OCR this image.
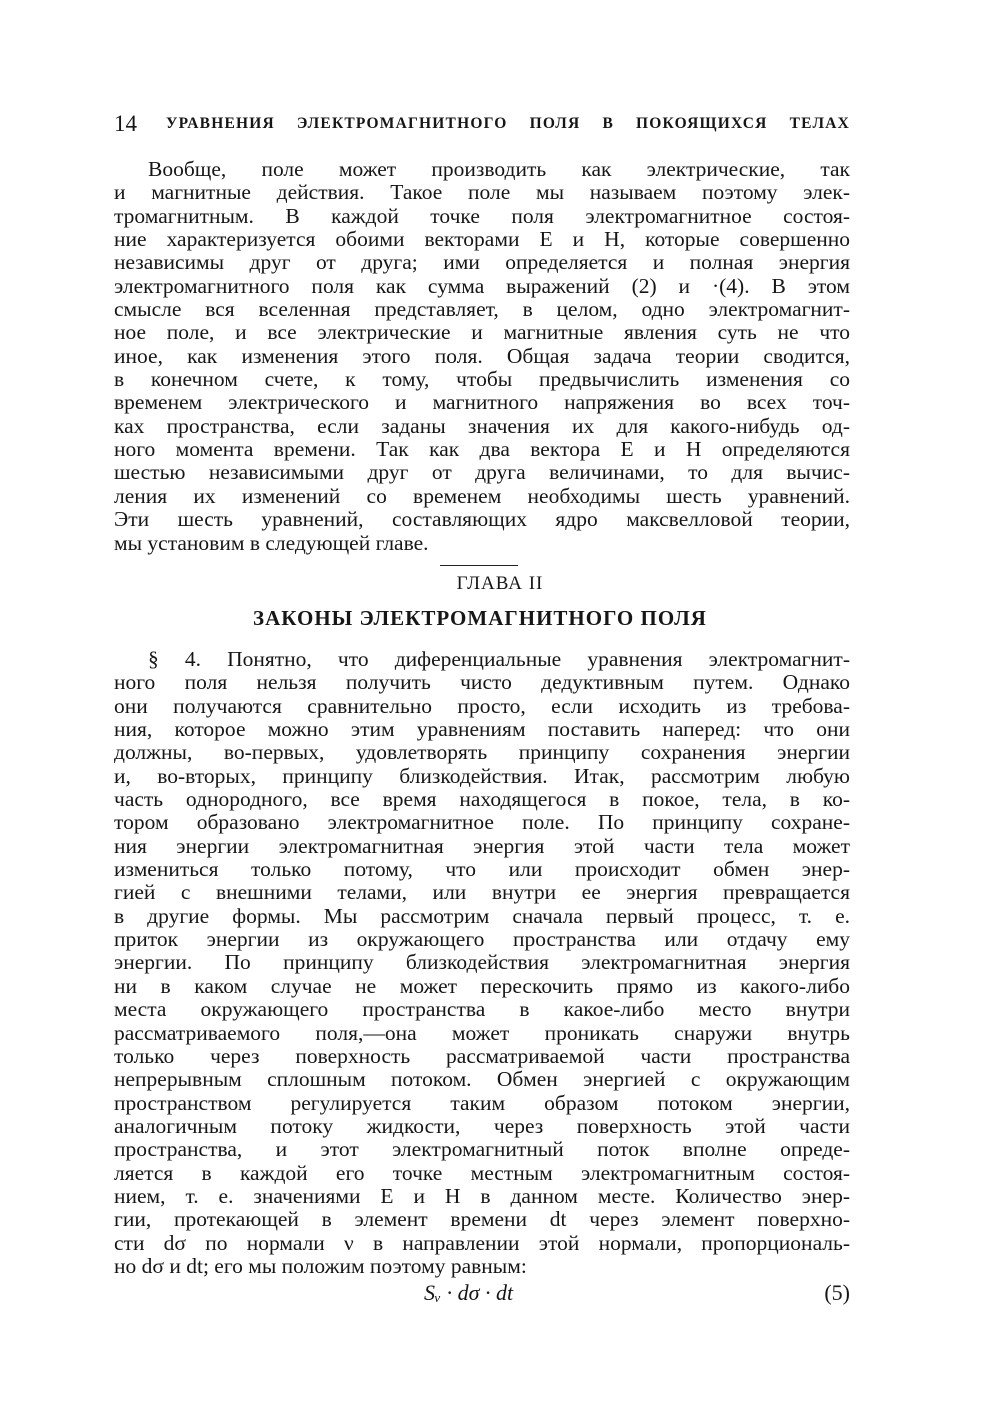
14 УРАВНЕНИЯ ЭЛЕКТРОМАГНИТНОГО ПОЛЯ В ПОКОЯЩИХСЯ ТЕЛАХ
Вообще, поле может производить как электрические, так
и магнитные действия. Такое поле мы называем поэтому элек-
тромагнитным. В каждой точке поля электромагнитное состоя-
ние характеризуется обоими векторами E и H, которые совершенно
независимы друг от друга; ими определяется и полная энергия
электромагнитного поля как сумма выражений (2) и ·(4). В этом
смысле вся вселенная представляет, в целом, одно электромагнит-
ное поле, и все электрические и магнитные явления суть не что
иное, как изменения этого поля. Общая задача теории сводится,
в конечном счете, к тому, чтобы предвычислить изменения со
временем электрического и магнитного напряжения во всех точ-
ках пространства, если заданы значения их для какого-нибудь од-
ного момента времени. Так как два вектора E и H определяются
шестью независимыми друг от друга величинами, то для вычис-
ления их изменений со временем необходимы шесть уравнений.
Эти шесть уравнений, составляющих ядро максвелловой теории,
мы установим в следующей главе.
ГЛАВА II
ЗАКОНЫ ЭЛЕКТРОМАГНИТНОГО ПОЛЯ
§ 4. Понятно, что диференциальные уравнения электромагнит-
ного поля нельзя получить чисто дедуктивным путем. Однако
они получаются сравнительно просто, если исходить из требова-
ния, которое можно этим уравнениям поставить наперед: что они
должны, во-первых, удовлетворять принципу сохранения энергии
и, во-вторых, принципу близкодействия. Итак, рассмотрим любую
часть однородного, все время находящегося в покое, тела, в ко-
тором образовано электромагнитное поле. По принципу сохране-
ния энергии электромагнитная энергия этой части тела может
измениться только потому, что или происходит обмен энер-
гией с внешними телами, или внутри ее энергия превращается
в другие формы. Мы рассмотрим сначала первый процесс, т. е.
приток энергии из окружающего пространства или отдачу ему
энергии. По принципу близкодействия электромагнитная энергия
ни в каком случае не может перескочить прямо из какого-либо
места окружающего пространства в какое-либо место внутри
рассматриваемого поля,—она может проникать снаружи внутрь
только через поверхность рассматриваемой части пространства
непрерывным сплошным потоком. Обмен энергией с окружающим
пространством регулируется таким образом потоком энергии,
аналогичным потоку жидкости, через поверхность этой части
пространства, и этот электромагнитный поток вполне опреде-
ляется в каждой его точке местным электромагнитным состоя-
нием, т. е. значениями E и H в данном месте. Количество энер-
гии, протекающей в элемент времени dt через элемент поверхно-
сти dσ по нормали ν в направлении этой нормали, пропорциональ-
но dσ и dt; его мы положим поэтому равным:
Sᵥ · dσ · dt	(5)
